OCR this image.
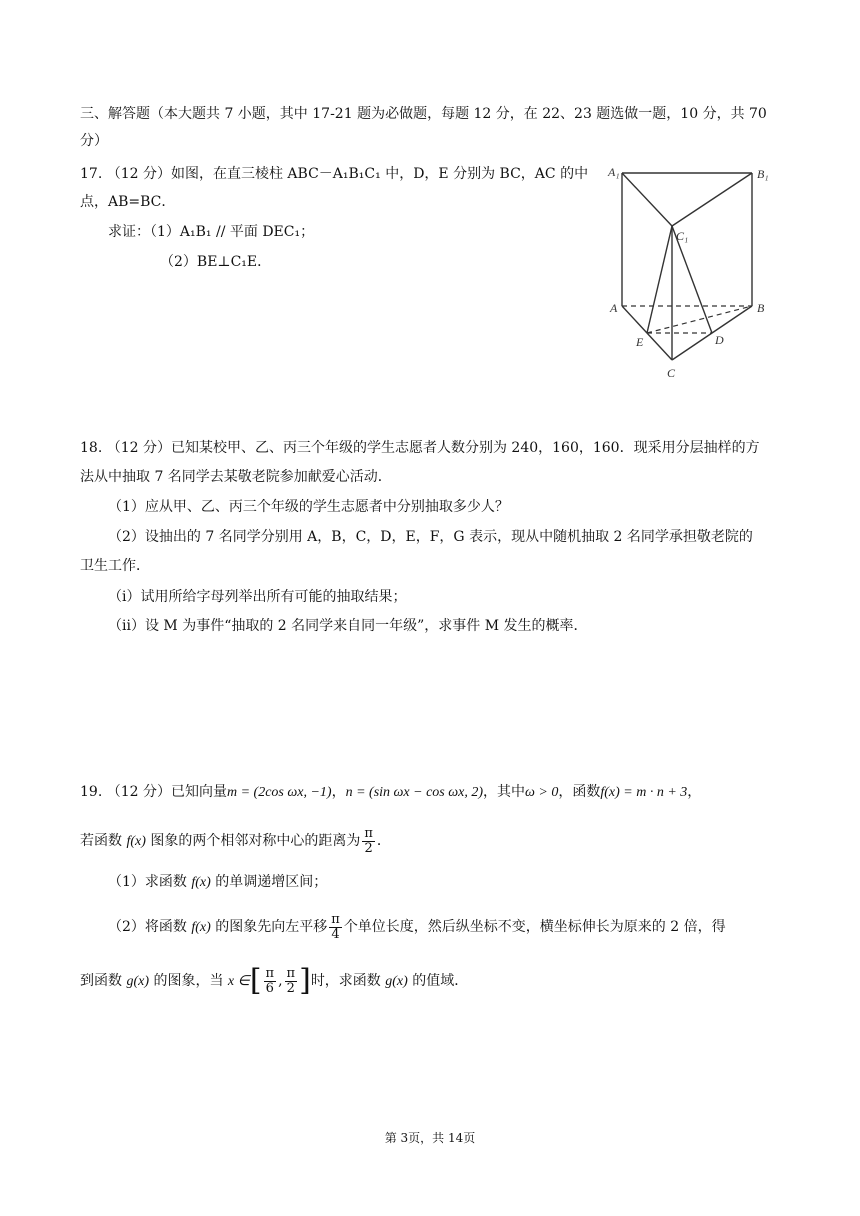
三、解答题（本大题共 7 小题，其中 17-21 题为必做题，每题 12 分，在 22、23 题选做一题，10 分，共 70
分）
17. （12 分）如图，在直三棱柱 ABC－A₁B₁C₁ 中，D，E 分别为 BC，AC 的中
点，AB=BC．
求证：（1）A₁B₁ // 平面 DEC₁；
（2）BE⊥C₁E．
A₁	B₁
C₁
A	B
E	D
C
18. （12 分）已知某校甲、乙、丙三个年级的学生志愿者人数分别为 240，160，160．现采用分层抽样的方
法从中抽取 7 名同学去某敬老院参加献爱心活动．
（1）应从甲、乙、丙三个年级的学生志愿者中分别抽取多少人？
（2）设抽出的 7 名同学分别用 A，B，C，D，E，F，G 表示，现从中随机抽取 2 名同学承担敬老院的
卫生工作．
（i）试用所给字母列举出所有可能的抽取结果；
（ii）设 M 为事件“抽取的 2 名同学来自同一年级”，求事件 M 发生的概率．
19. （12 分）已知向量m = (2cos ωx, −1)，n = (sin ωx − cos ωx, 2)，其中ω > 0，函数f(x) = m · n + 3，
若函数 f(x) 图象的两个相邻对称中心的距离为 $\frac{\pi}{2}$ ．
（1）求函数 f(x) 的单调递增区间；
（2）将函数 f(x) 的图象先向左平移 $\frac{\pi}{4}$ 个单位长度，然后纵坐标不变，横坐标伸长为原来的 2 倍，得
到函数 g(x) 的图象，当 x ∈[ $\frac{\pi}{6}$ , $\frac{\pi}{2}$ ]时，求函数 g(x) 的值域．
第 3页，共 14页
